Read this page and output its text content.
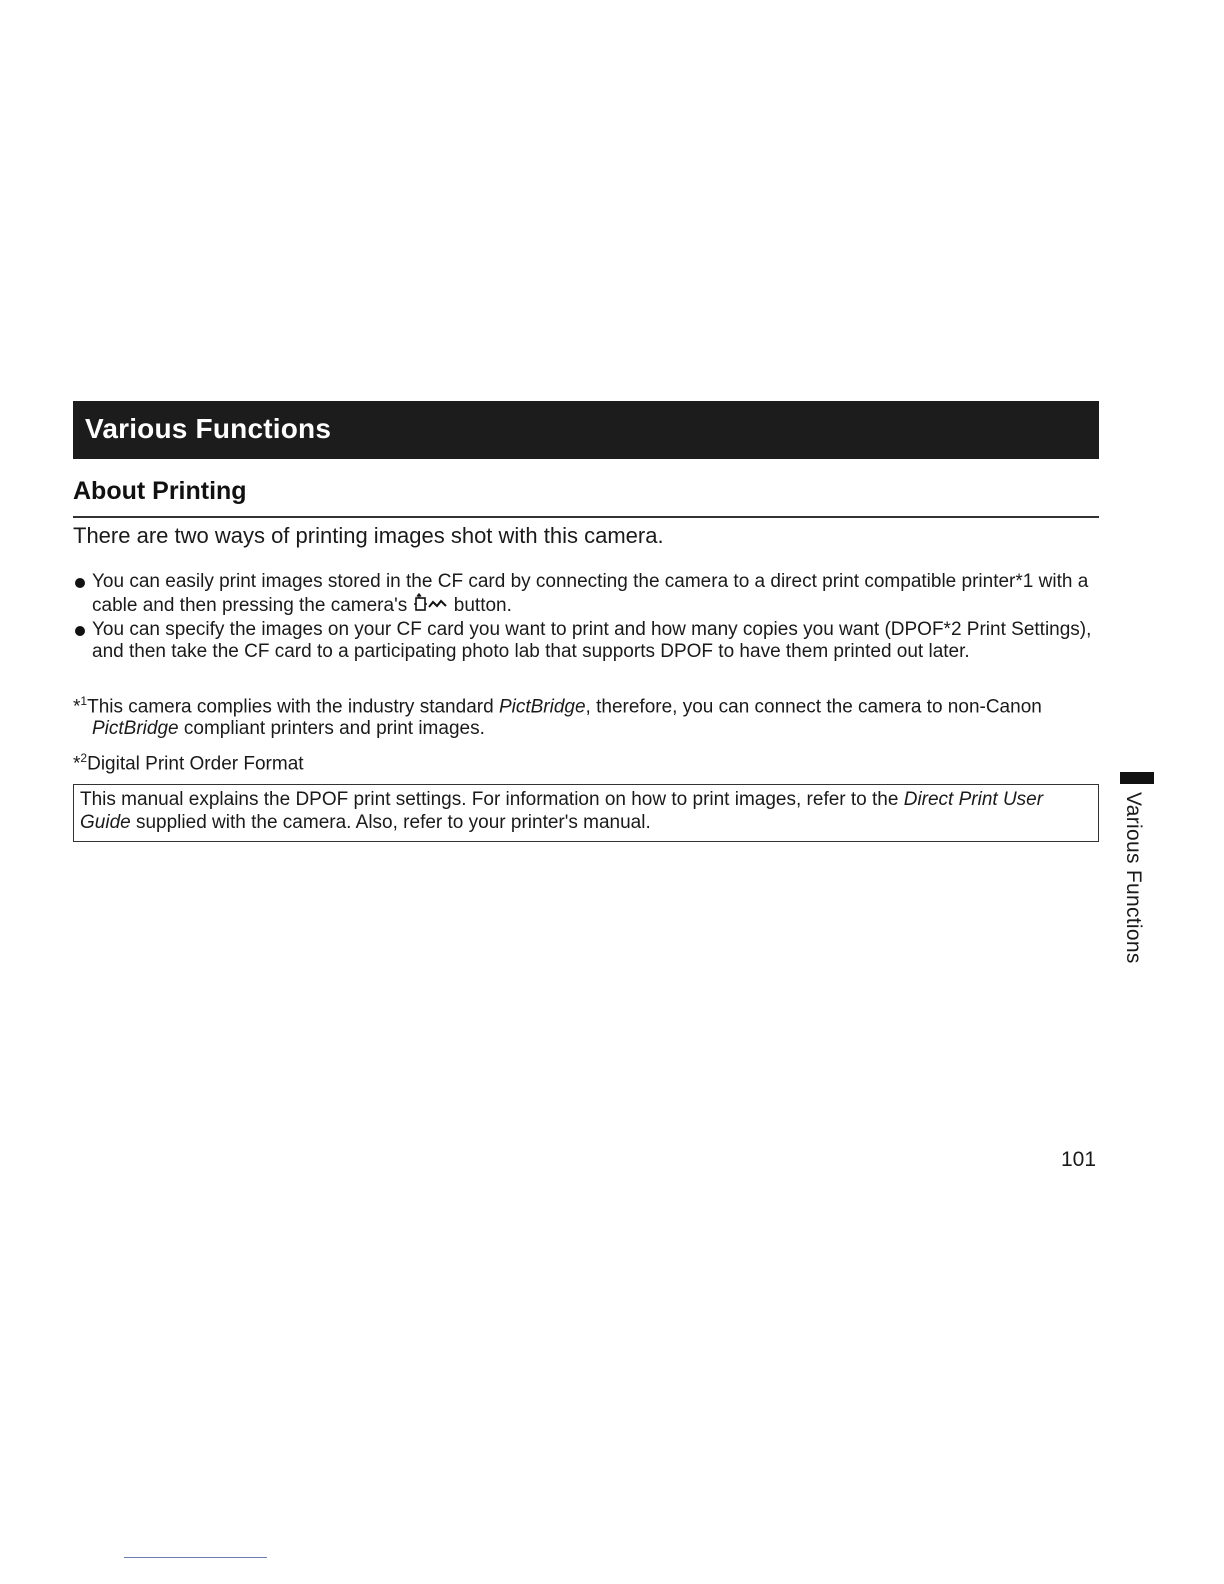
Various Functions
About Printing
There are two ways of printing images shot with this camera.
You can easily print images stored in the CF card by connecting the camera to a direct print compatible printer*1 with a cable and then pressing the camera's button.
You can specify the images on your CF card you want to print and how many copies you want (DPOF*2 Print Settings), and then take the CF card to a participating photo lab that supports DPOF to have them printed out later.
*$^1$This camera complies with the industry standard PictBridge, therefore, you can connect the camera to non-Canon PictBridge compliant printers and print images.
*$^2$Digital Print Order Format
This manual explains the DPOF print settings. For information on how to print images, refer to the Direct Print User Guide supplied with the camera. Also, refer to your printer's manual.	Various Functions
101
